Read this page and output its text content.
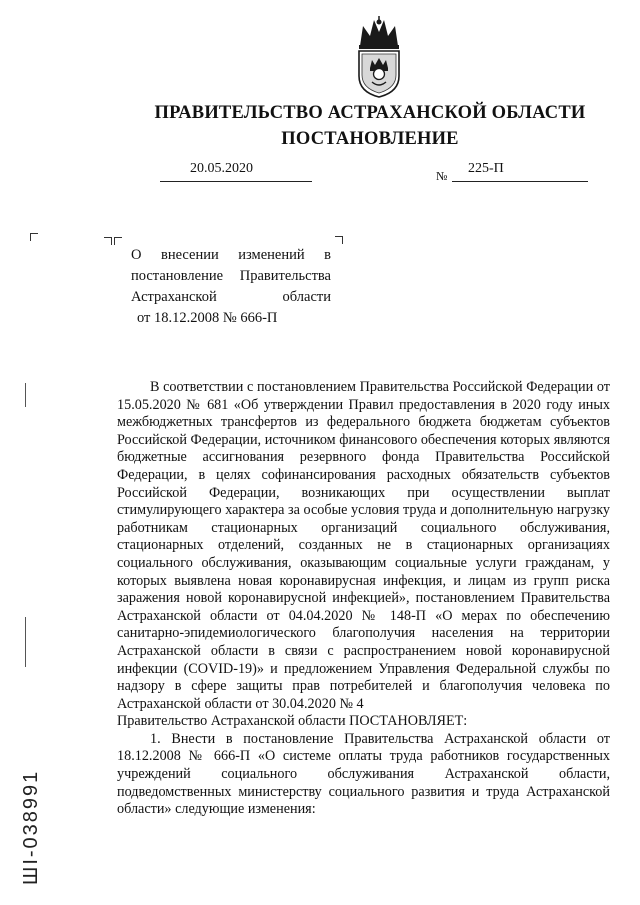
ПРАВИТЕЛЬСТВО АСТРАХАНСКОЙ ОБЛАСТИ
ПОСТАНОВЛЕНИЕ
20.05.2020	№ 225-П
О внесении изменений в
постановление Правительства
Астраханской	области
от 18.12.2008 № 666-П

В соответствии с постановлением Правительства Российской Федерации от 15.05.2020 № 681 «Об утверждении Правил предоставления в 2020 году иных межбюджетных трансфертов из федерального бюджета бюджетам субъектов Российской Федерации, источником финансового обеспечения которых являются бюджетные ассигнования резервного фонда Правительства Российской Федерации, в целях софинансирования расходных обязательств субъектов Российской Федерации, возникающих при осуществлении выплат стимулирующего характера за особые условия труда и дополнительную нагрузку работникам стационарных организаций социального обслуживания, стационарных отделений, созданных не в стационарных организациях социального обслуживания, оказывающим социальные услуги гражданам, у которых выявлена новая коронавирусная инфекция, и лицам из групп риска заражения новой коронавирусной инфекцией», постановлением Правительства Астраханской области от 04.04.2020 № 148-П «О мерах по обеспечению санитарно-эпидемиологического благополучия населения на территории Астраханской области в связи с распространением новой коронавирусной инфекции (COVID-19)» и предложением Управления Федеральной службы по надзору в сфере защиты прав потребителей и благополучия человека по Астраханской области от 30.04.2020 № 4

Правительство Астраханской области ПОСТАНОВЛЯЕТ:

1. Внести в постановление Правительства Астраханской области от 18.12.2008 № 666-П «О системе оплаты труда работников государственных учреждений социального обслуживания Астраханской области, подведомственных министерству социального развития и труда Астраханской области» следующие изменения:

ШI-038991
